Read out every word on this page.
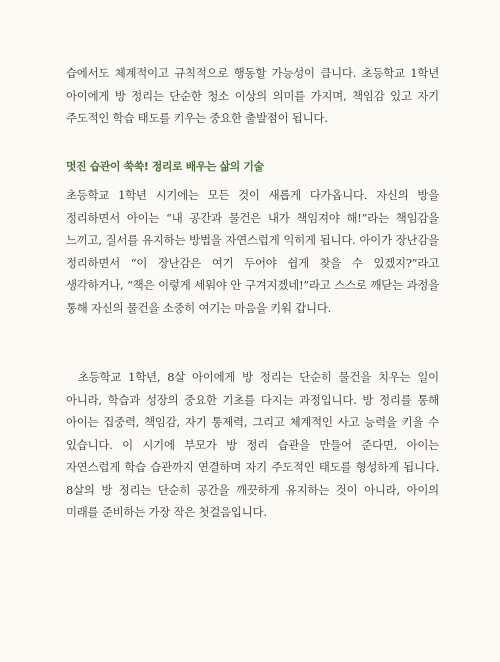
습에서도 체계적이고 규칙적으로 행동할 가능성이 큽니다. 초등학교 1학년 아이에게 방 정리는 단순한 청소 이상의 의미를 가지며, 책임감 있고 자기 주도적인 학습 태도를 키우는 중요한 출발점이 됩니다.

멋진 습관이 쑥쑥! 정리로 배우는 삶의 기술

초등학교 1학년 시기에는 모든 것이 새롭게 다가옵니다. 자신의 방을 정리하면서 아이는 “내 공간과 물건은 내가 책임져야 해!”라는 책임감을 느끼고, 질서를 유지하는 방법을 자연스럽게 익히게 됩니다. 아이가 장난감을 정리하면서 “이 장난감은 여기 두어야 쉽게 찾을 수 있겠지?”라고 생각하거나, “책은 이렇게 세워야 안 구겨지겠네!”라고 스스로 깨닫는 과정을 통해 자신의 물건을 소중히 여기는 마음을 키워 갑니다.

초등학교 1학년, 8살 아이에게 방 정리는 단순히 물건을 치우는 일이 아니라, 학습과 성장의 중요한 기초를 다지는 과정입니다. 방 정리를 통해 아이는 집중력, 책임감, 자기 통제력, 그리고 체계적인 사고 능력을 키울 수 있습니다. 이 시기에 부모가 방 정리 습관을 만들어 준다면, 아이는 자연스럽게 학습 습관까지 연결하며 자기 주도적인 태도를 형성하게 됩니다. 8살의 방 정리는 단순히 공간을 깨끗하게 유지하는 것이 아니라, 아이의 미래를 준비하는 가장 작은 첫걸음입니다.
